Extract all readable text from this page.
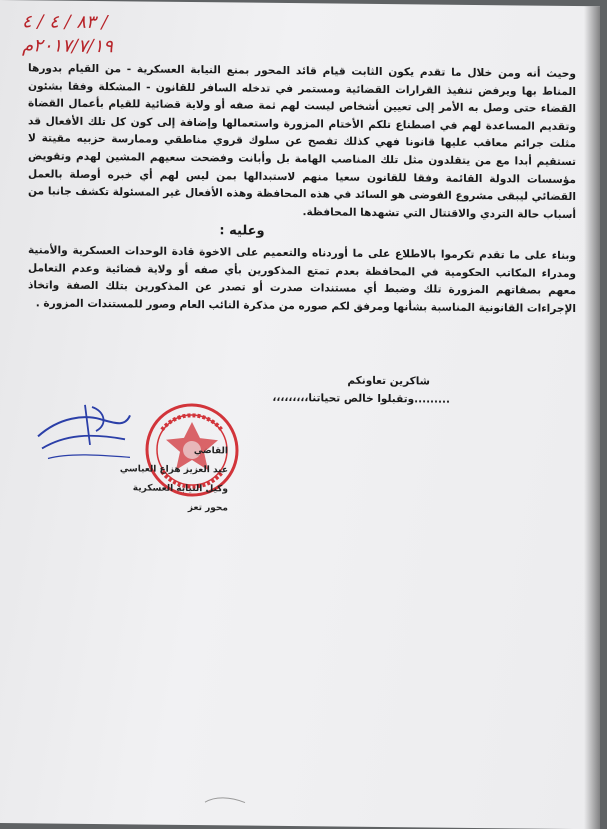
٨٣ / ٤ / ٤ /
٢٠١٧/٧/١٩م

وحيث أنه ومن خلال ما تقدم يكون الثابت قيام قائد المحور بمنع النيابة العسكرية - من القيام بدورها المناط بها ويرفض تنفيذ القرارات القضائية ومستمر في تدخله السافر للقانون - المشكلة وفقا بشئون القضاء حتى وصل به الأمر إلى تعيين أشخاص ليست لهم ثمة صفه أو ولاية قضائية للقيام بأعمال القضاة وتقديم المساعدة لهم في اصطناع تلكم الأختام المزورة واستعمالها وإضافة إلى كون كل تلك الأفعال قد مثلت جرائم معاقب عليها قانونا فهي كذلك تفصح عن سلوك قروي مناطقي وممارسة حزبيه مقيتة لا تستقيم أبدا مع من يتقلدون مثل تلك المناصب الهامة بل وأبانت وفضحت سعيهم المشين لهدم وتقويض مؤسسات الدولة القائمة وفقا للقانون سعيا منهم لاستبدالها بمن ليس لهم أي خبره أوصلة بالعمل القضائي ليبقى مشروع الفوضى هو السائد في هذه المحافظة وهذه الأفعال غير المسئولة تكشف جانبا من أسباب حالة التردي والاقتتال التي تشهدها المحافظة.

وعليه :

وبناء على ما تقدم تكرموا بالاطلاع على ما أوردناه والتعميم على الاخوة قادة الوحدات العسكرية والأمنية ومدراء المكاتب الحكومية في المحافظة بعدم تمتع المذكورين بأي صفه أو ولاية قضائية وعدم التعامل معهم بصفاتهم المزورة تلك وضبط أي مستندات صدرت أو تصدر عن المذكورين بتلك الصفة واتخاذ الإجراءات القانونية المناسبة بشأنها ومرفق لكم صوره من مذكرة النائب العام وصور للمستندات المزورة .

شاكرين تعاونكم
.........وتقبلوا خالص تحياتنا،،،،،،،،،
القاضي
عبد العزيز هزاع العباسي
وكيل النيابة العسكرية
محور تعز
